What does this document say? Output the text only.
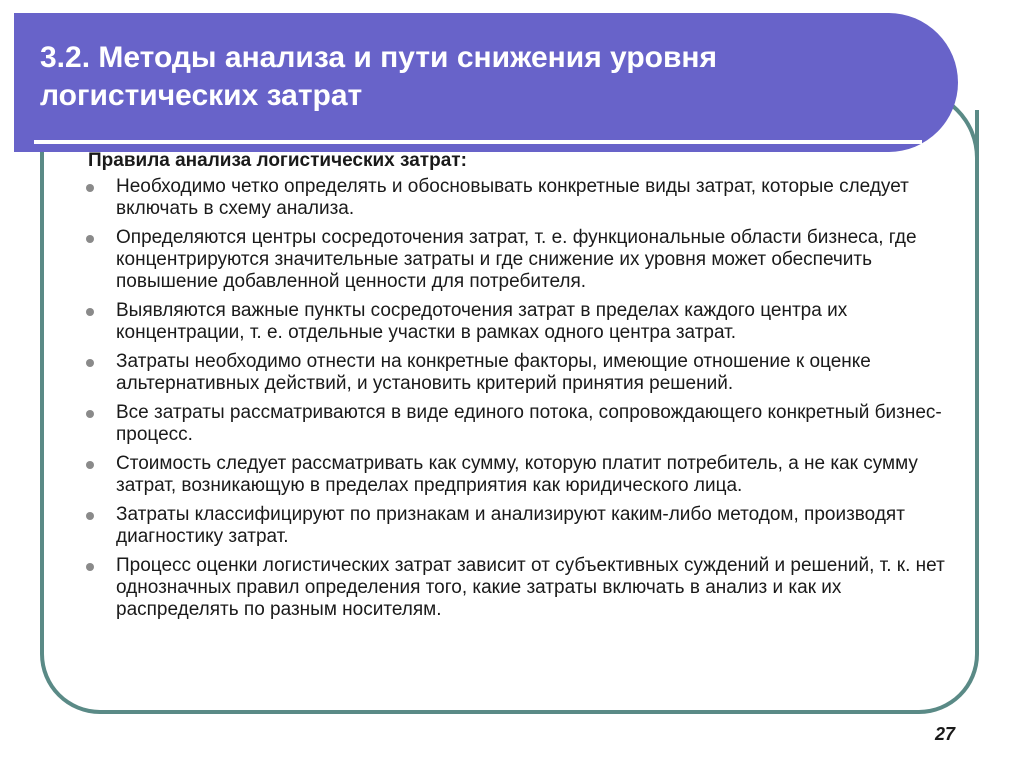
3.2. Методы анализа и пути снижения уровня логистических затрат
Правила анализа логистических затрат:
Необходимо четко определять и обосновывать конкретные виды затрат, которые следует включать в схему анализа.
Определяются центры сосредоточения затрат, т. е. функциональные области бизнеса, где концентрируются значительные затраты и где снижение их уровня может обеспечить повышение добавленной ценности для потребителя.
Выявляются важные пункты сосредоточения затрат в пределах каждого центра их концентрации, т. е. отдельные участки в рамках одного центра затрат.
Затраты необходимо отнести на конкретные факторы, имеющие отношение к оценке альтернативных действий, и установить критерий принятия решений.
Все затраты рассматриваются в виде единого потока, сопровождающего конкретный бизнес-процесс.
Стоимость следует рассматривать как сумму, которую платит потребитель, а не как сумму затрат, возникающую в пределах предприятия как юридического лица.
Затраты классифицируют по признакам и анализируют каким-либо методом, производят диагностику затрат.
Процесс оценки логистических затрат зависит от субъективных суждений и решений, т. к. нет однозначных правил определения того, какие затраты включать в анализ и как их распределять по разным носителям.
27
